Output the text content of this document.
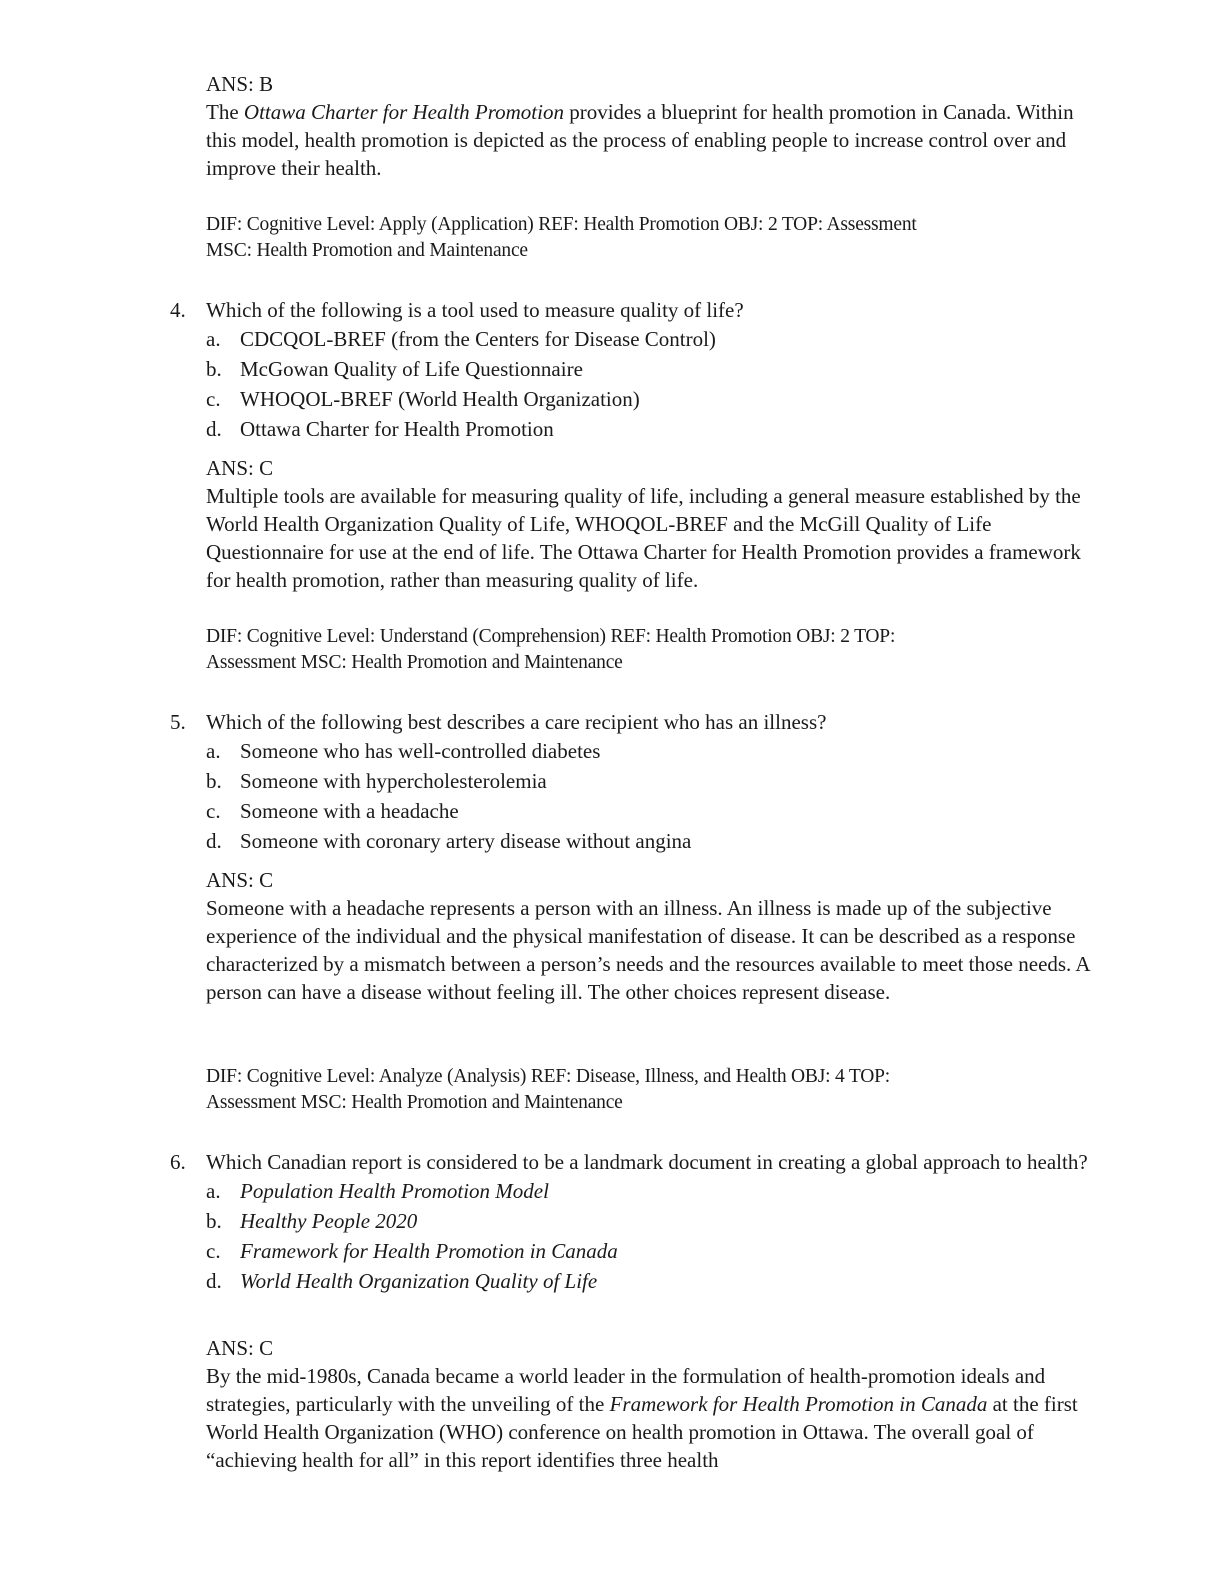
ANS: B

The Ottawa Charter for Health Promotion provides a blueprint for health promotion in Canada. Within this model, health promotion is depicted as the process of enabling people to increase control over and improve their health.

DIF: Cognitive Level: Apply (Application) REF: Health Promotion OBJ: 2 TOP: Assessment
MSC: Health Promotion and Maintenance
4. Which of the following is a tool used to measure quality of life?
a. CDCQOL-BREF (from the Centers for Disease Control)
b. McGowan Quality of Life Questionnaire
c. WHOQOL-BREF (World Health Organization)
d. Ottawa Charter for Health Promotion

ANS: C

Multiple tools are available for measuring quality of life, including a general measure established by the World Health Organization Quality of Life, WHOQOL-BREF and the McGill Quality of Life Questionnaire for use at the end of life. The Ottawa Charter for Health Promotion provides a framework for health promotion, rather than measuring quality of life.

DIF: Cognitive Level: Understand (Comprehension) REF: Health Promotion OBJ: 2 TOP:
Assessment MSC: Health Promotion and Maintenance
5. Which of the following best describes a care recipient who has an illness?
a. Someone who has well-controlled diabetes
b. Someone with hypercholesterolemia
c. Someone with a headache
d. Someone with coronary artery disease without angina

ANS: C

Someone with a headache represents a person with an illness. An illness is made up of the subjective experience of the individual and the physical manifestation of disease. It can be described as a response characterized by a mismatch between a person’s needs and the resources available to meet those needs. A person can have a disease without feeling ill. The other choices represent disease.

DIF: Cognitive Level: Analyze (Analysis) REF: Disease, Illness, and Health OBJ: 4 TOP:
Assessment MSC: Health Promotion and Maintenance
6. Which Canadian report is considered to be a landmark document in creating a global approach to health?
a. Population Health Promotion Model
b. Healthy People 2020
c. Framework for Health Promotion in Canada
d. World Health Organization Quality of Life

ANS: C

By the mid-1980s, Canada became a world leader in the formulation of health-promotion ideals and strategies, particularly with the unveiling of the Framework for Health Promotion in Canada at the first World Health Organization (WHO) conference on health promotion in Ottawa. The overall goal of “achieving health for all” in this report identifies three health
